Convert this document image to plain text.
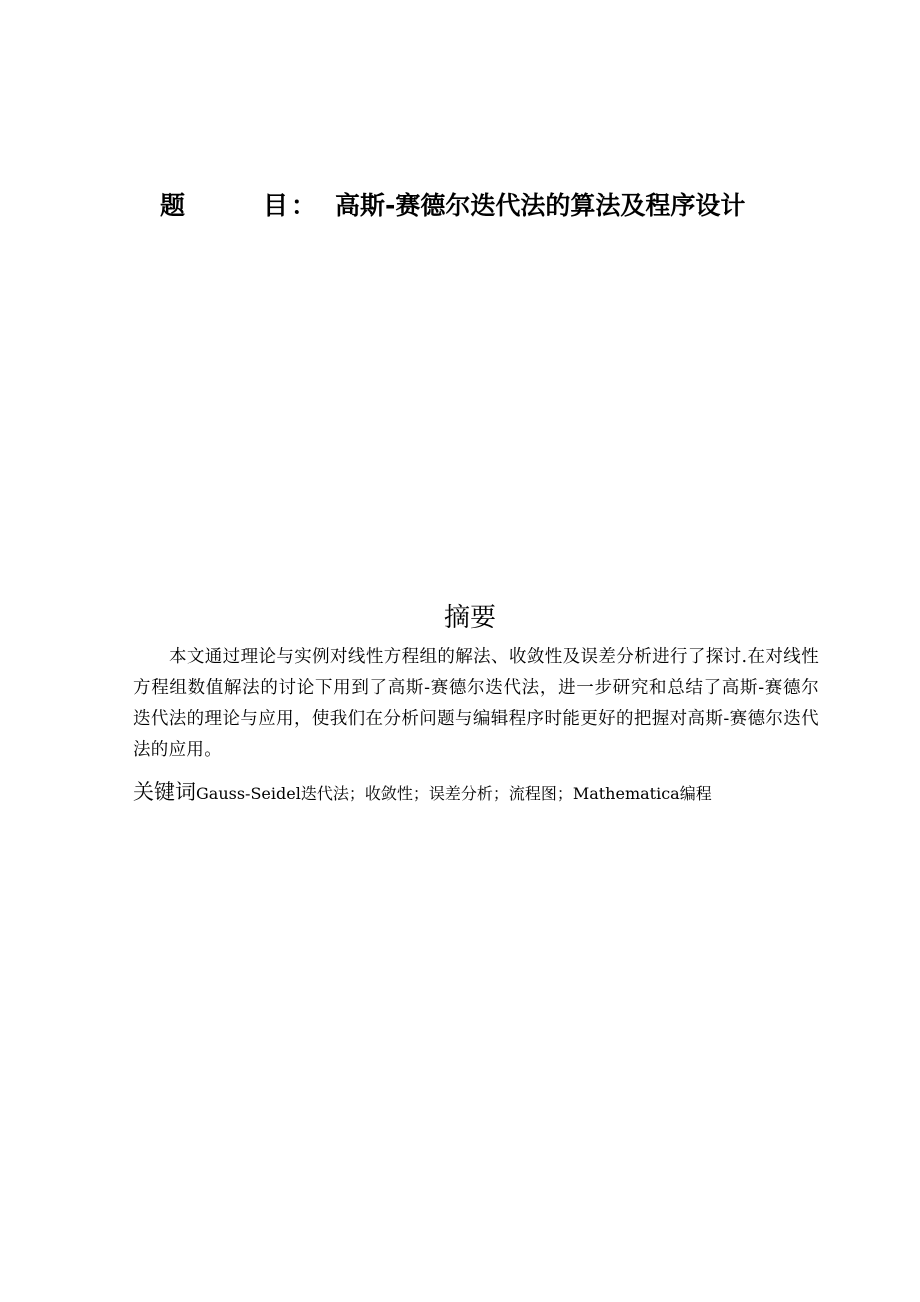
题	目 ： 高斯-赛德尔迭代法的算法及程序设计
摘要
本文通过理论与实例对线性方程组的解法、收敛性及误差分析进行了探讨.在对线性方程组数值解法的讨论下用到了高斯-赛德尔迭代法，进一步研究和总结了高斯-赛德尔迭代法的理论与应用，使我们在分析问题与编辑程序时能更好的把握对高斯-赛德尔迭代法的应用。
关键词Gauss-Seidel迭代法；收敛性；误差分析；流程图；Mathematica编程
